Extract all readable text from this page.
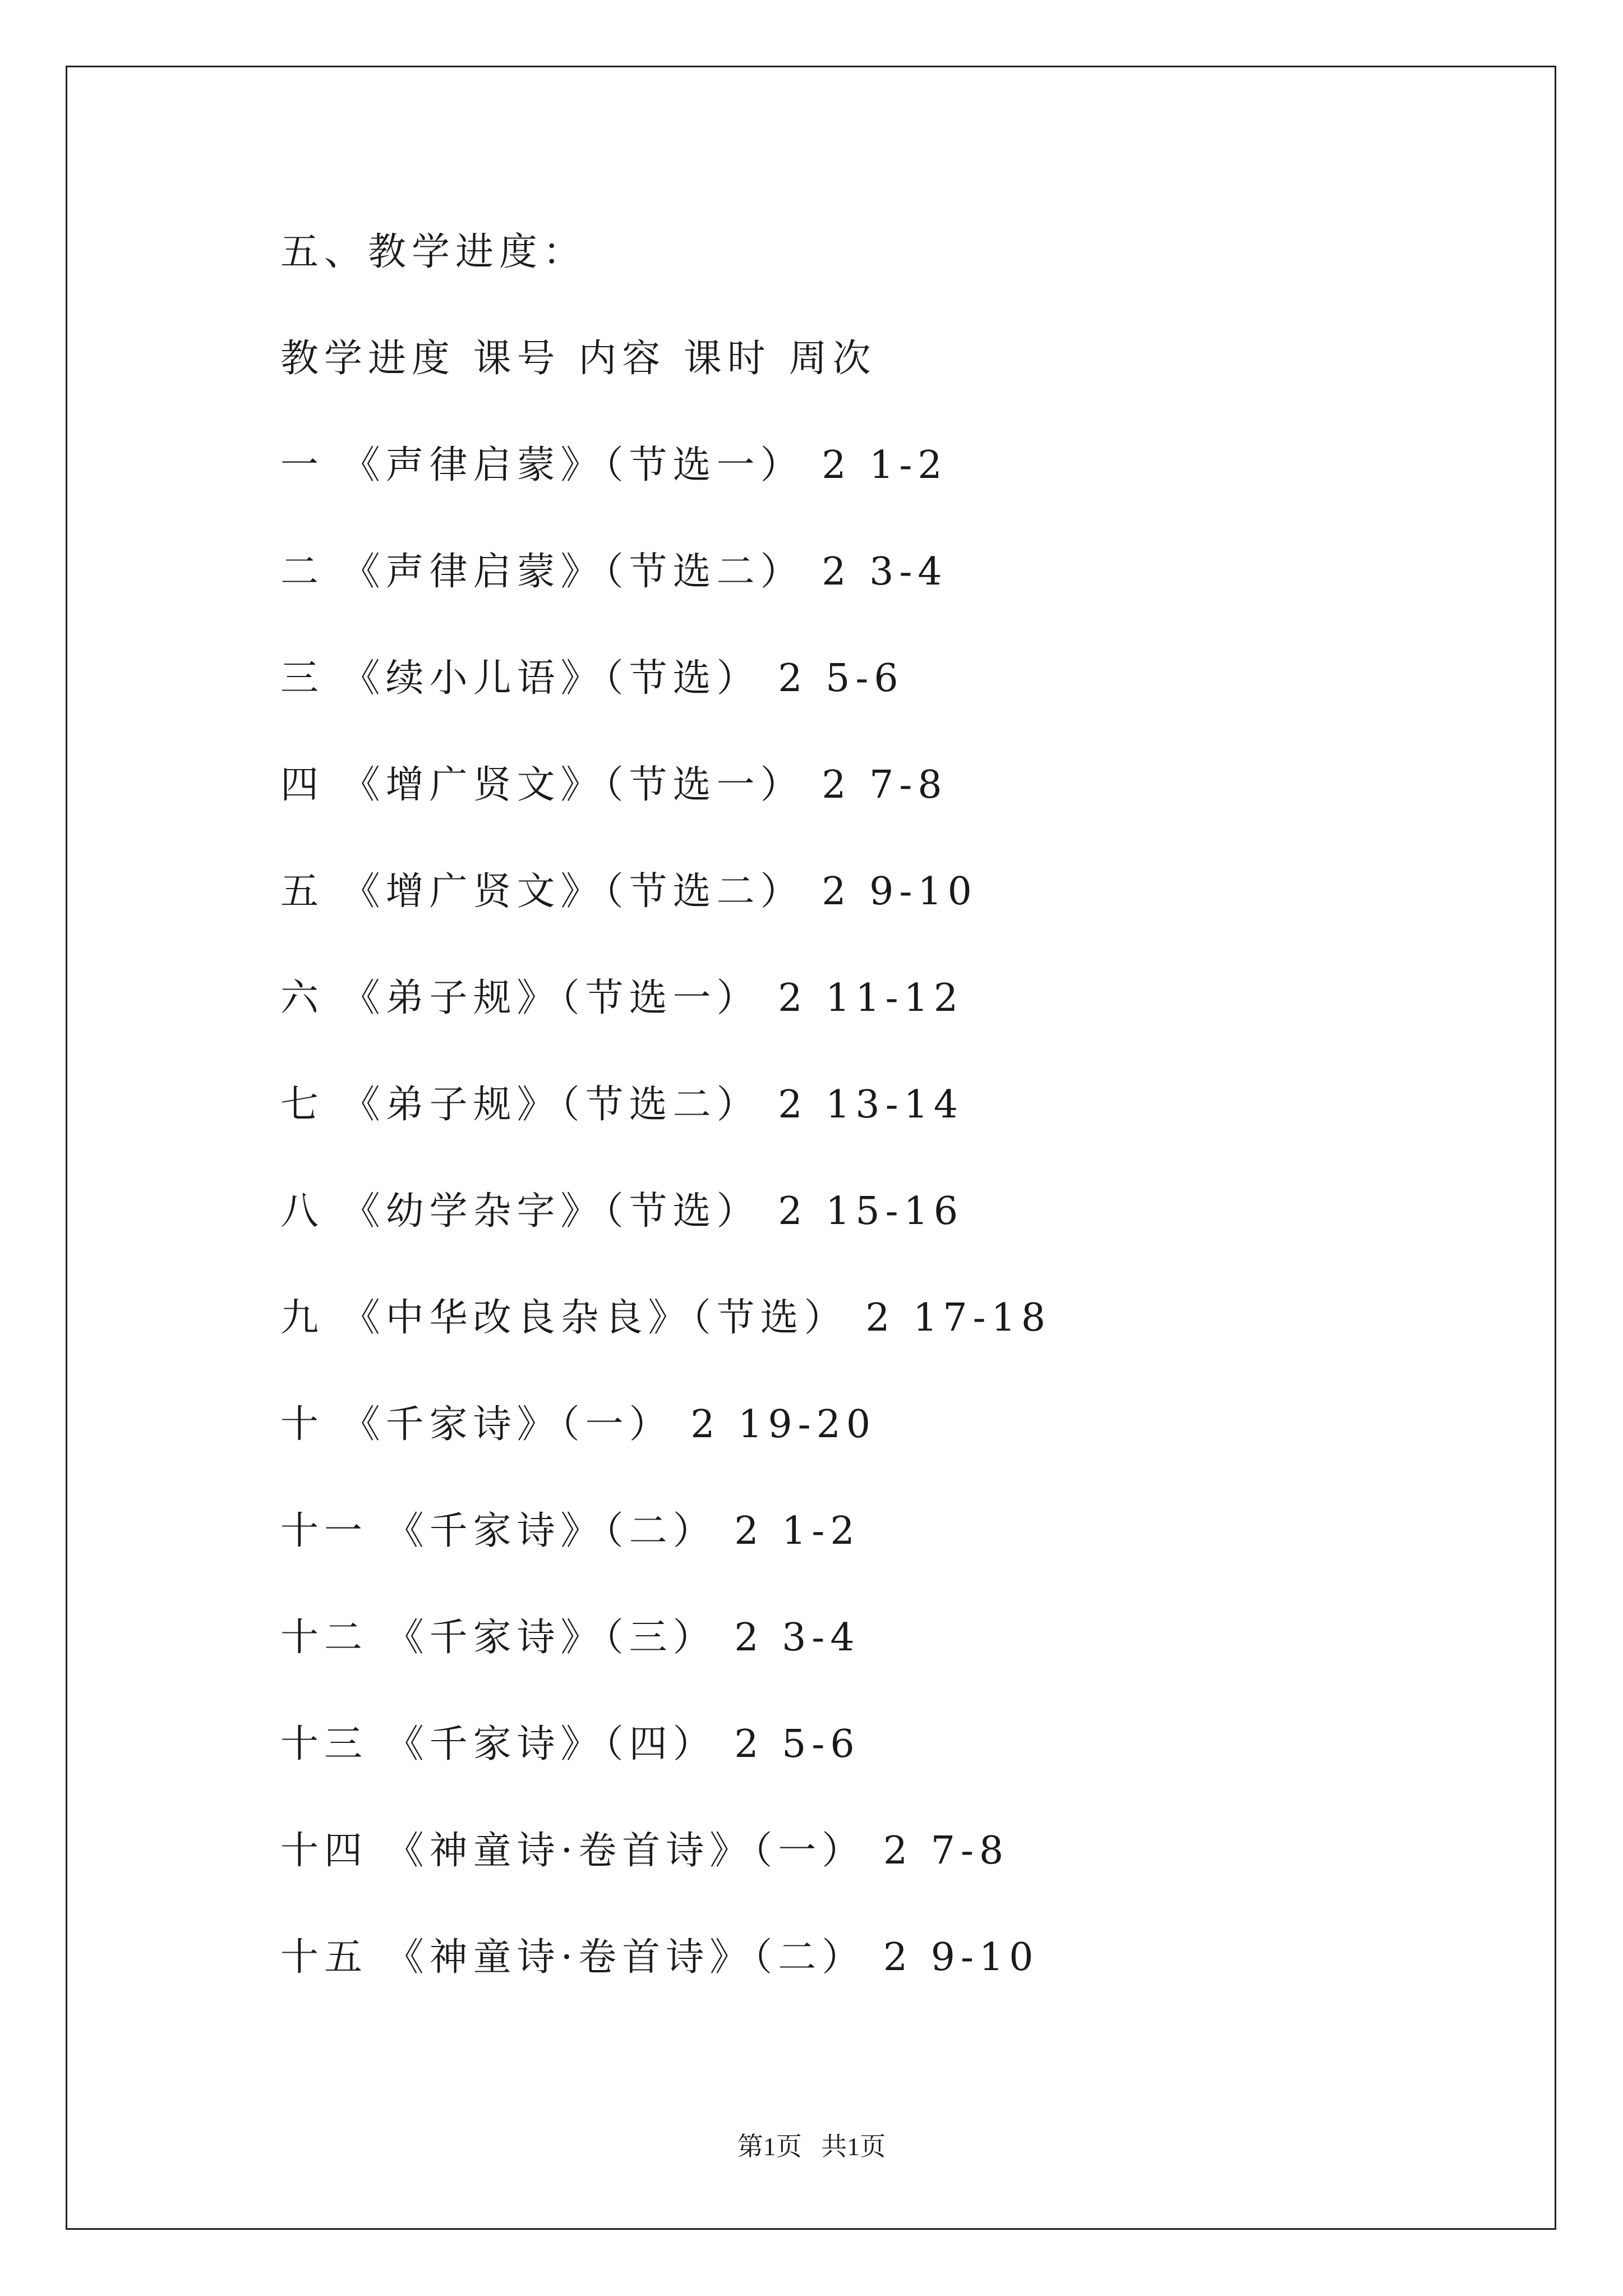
五、教学进度：
教学进度 课号 内容 课时 周次
一 《声律启蒙》（节选一） 2 1-2
二 《声律启蒙》（节选二） 2 3-4
三 《续小儿语》（节选） 2 5-6
四 《增广贤文》（节选一） 2 7-8
五 《增广贤文》（节选二） 2 9-10
六 《弟子规》（节选一） 2 11-12
七 《弟子规》（节选二） 2 13-14
八 《幼学杂字》（节选） 2 15-16
九 《中华改良杂良》（节选） 2 17-18
十 《千家诗》（一） 2 19-20
十一 《千家诗》（二） 2 1-2
十二 《千家诗》（三） 2 3-4
十三 《千家诗》（四） 2 5-6
十四 《神童诗·卷首诗》（一） 2 7-8
十五 《神童诗·卷首诗》（二） 2 9-10
第1页   共1页
